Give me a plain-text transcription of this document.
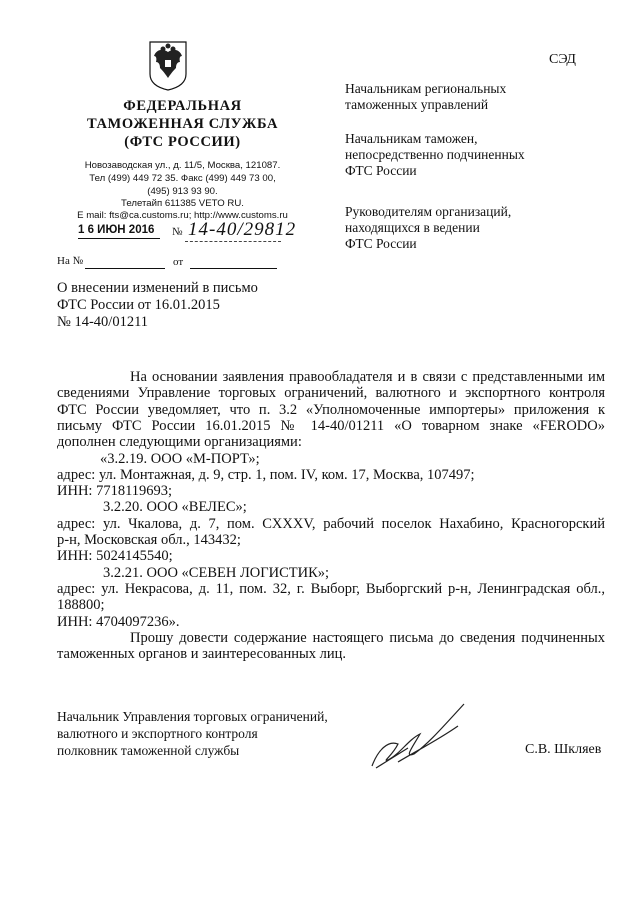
ФЕДЕРАЛЬНАЯ
ТАМОЖЕННАЯ СЛУЖБА
(ФТС РОССИИ)
Новозаводская ул., д. 11/5, Москва, 121087.
Тел (499) 449 72 35. Факс (499) 449 73 00,
(495) 913 93 90.
Телетайп 611385 VETO RU.
E mail: fts@ca.customs.ru; http://www.customs.ru
1 6 ИЮН 2016	№ 14-40/29812
На №	от
СЭД
Начальникам региональных
таможенных управлений
Начальникам таможен,
непосредственно подчиненных
ФТС России
Руководителям организаций,
находящихся в ведении
ФТС России
О внесении изменений в письмо
ФТС России от 16.01.2015
№ 14-40/01211
На основании заявления правообладателя и в связи с представленными им
сведениями Управление торговых ограничений, валютного и экспортного контроля
ФТС России уведомляет, что п. 3.2 «Уполномоченные импортеры» приложения к
письму ФТС России 16.01.2015 № 14-40/01211 «О товарном знаке «FERODO»
дополнен следующими организациями:
«3.2.19. ООО «М-ПОРТ»;
адрес: ул. Монтажная, д. 9, стр. 1, пом. IV, ком. 17, Москва, 107497;
ИНН: 7718119693;
3.2.20. ООО «ВЕЛЕС»;
адрес: ул. Чкалова, д. 7, пом. CXXXV, рабочий поселок Нахабино, Красногорский
р-н, Московская обл., 143432;
ИНН: 5024145540;
3.2.21. ООО «СЕВЕН ЛОГИСТИК»;
адрес: ул. Некрасова, д. 11, пом. 32, г. Выборг, Выборгский р-н, Ленинградская обл.,
188800;
ИНН: 4704097236».
Прошу довести содержание настоящего письма до сведения подчиненных
таможенных органов и заинтересованных лиц.
Начальник Управления торговых ограничений,
валютного и экспортного контроля
полковник таможенной службы	С.В. Шкляев
